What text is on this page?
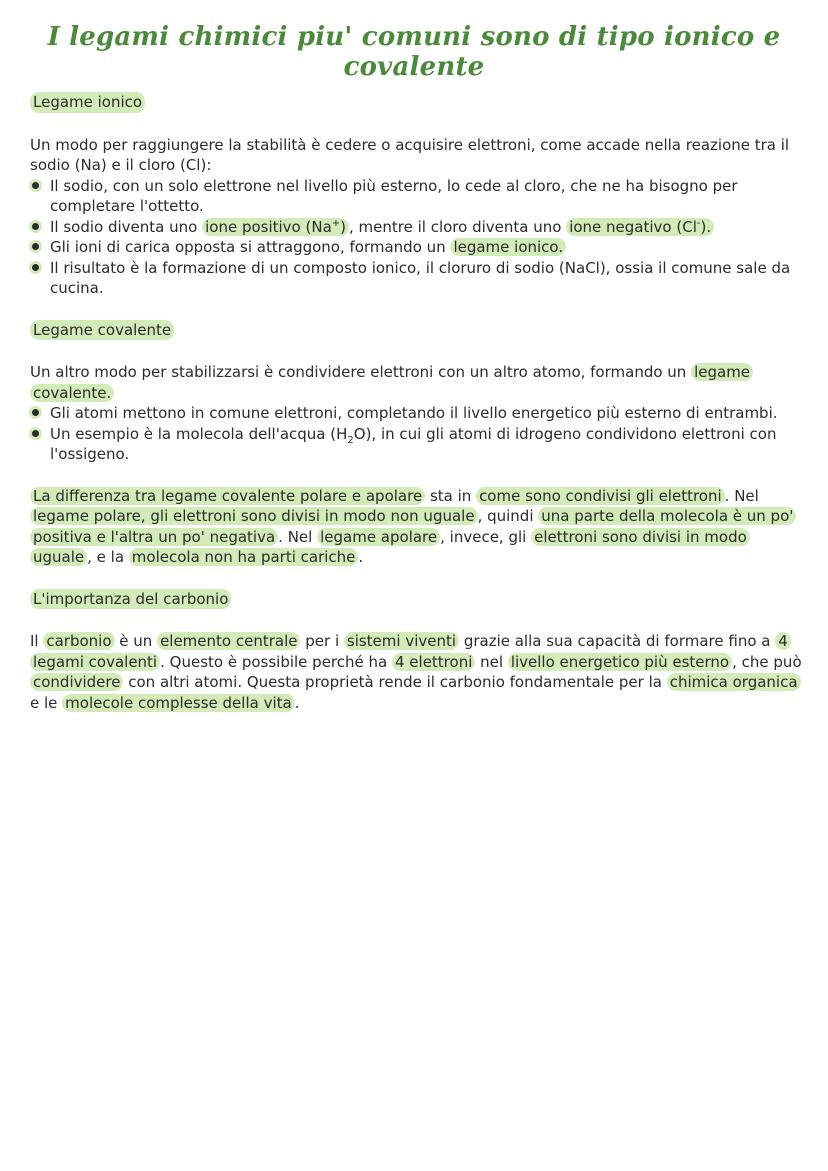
I legami chimici piu' comuni sono di tipo ionico e covalente
Legame ionico

Un modo per raggiungere la stabilità è cedere o acquisire elettroni, come accade nella reazione tra il sodio (Na) e il cloro (Cl):

Il sodio, con un solo elettrone nel livello più esterno, lo cede al cloro, che ne ha bisogno per completare l'ottetto.
Il sodio diventa uno ione positivo (Na+) , mentre il cloro diventa uno ione negativo (Cl-).
Gli ioni di carica opposta si attraggono, formando un legame ionico.
Il risultato è la formazione di un composto ionico, il cloruro di sodio (NaCl), ossia il comune sale da cucina.
Legame covalente

Un altro modo per stabilizzarsi è condividere elettroni con un altro atomo, formando un legame covalente.

Gli atomi mettono in comune elettroni, completando il livello energetico più esterno di entrambi.
Un esempio è la molecola dell'acqua $(H_2O)$, in cui gli atomi di idrogeno condividono elettroni con l'ossigeno.

La differenza tra legame covalente polare e apolare sta in come sono condivisi gli elettroni . Nel legame polare, gli elettroni sono divisi in modo non uguale , quindi una parte della molecola è un po' positiva e l'altra un po' negativa . Nel legame apolare , invece, gli elettroni sono divisi in modo uguale , e la molecola non ha parti cariche .

L'importanza del carbonio

Il carbonio è un elemento centrale per i sistemi viventi grazie alla sua capacità di formare fino a 4 legami covalenti . Questo è possibile perché ha 4 elettroni nel livello energetico più esterno , che può condividere con altri atomi. Questa proprietà rende il carbonio fondamentale per la chimica organica e le molecole complesse della vita .
